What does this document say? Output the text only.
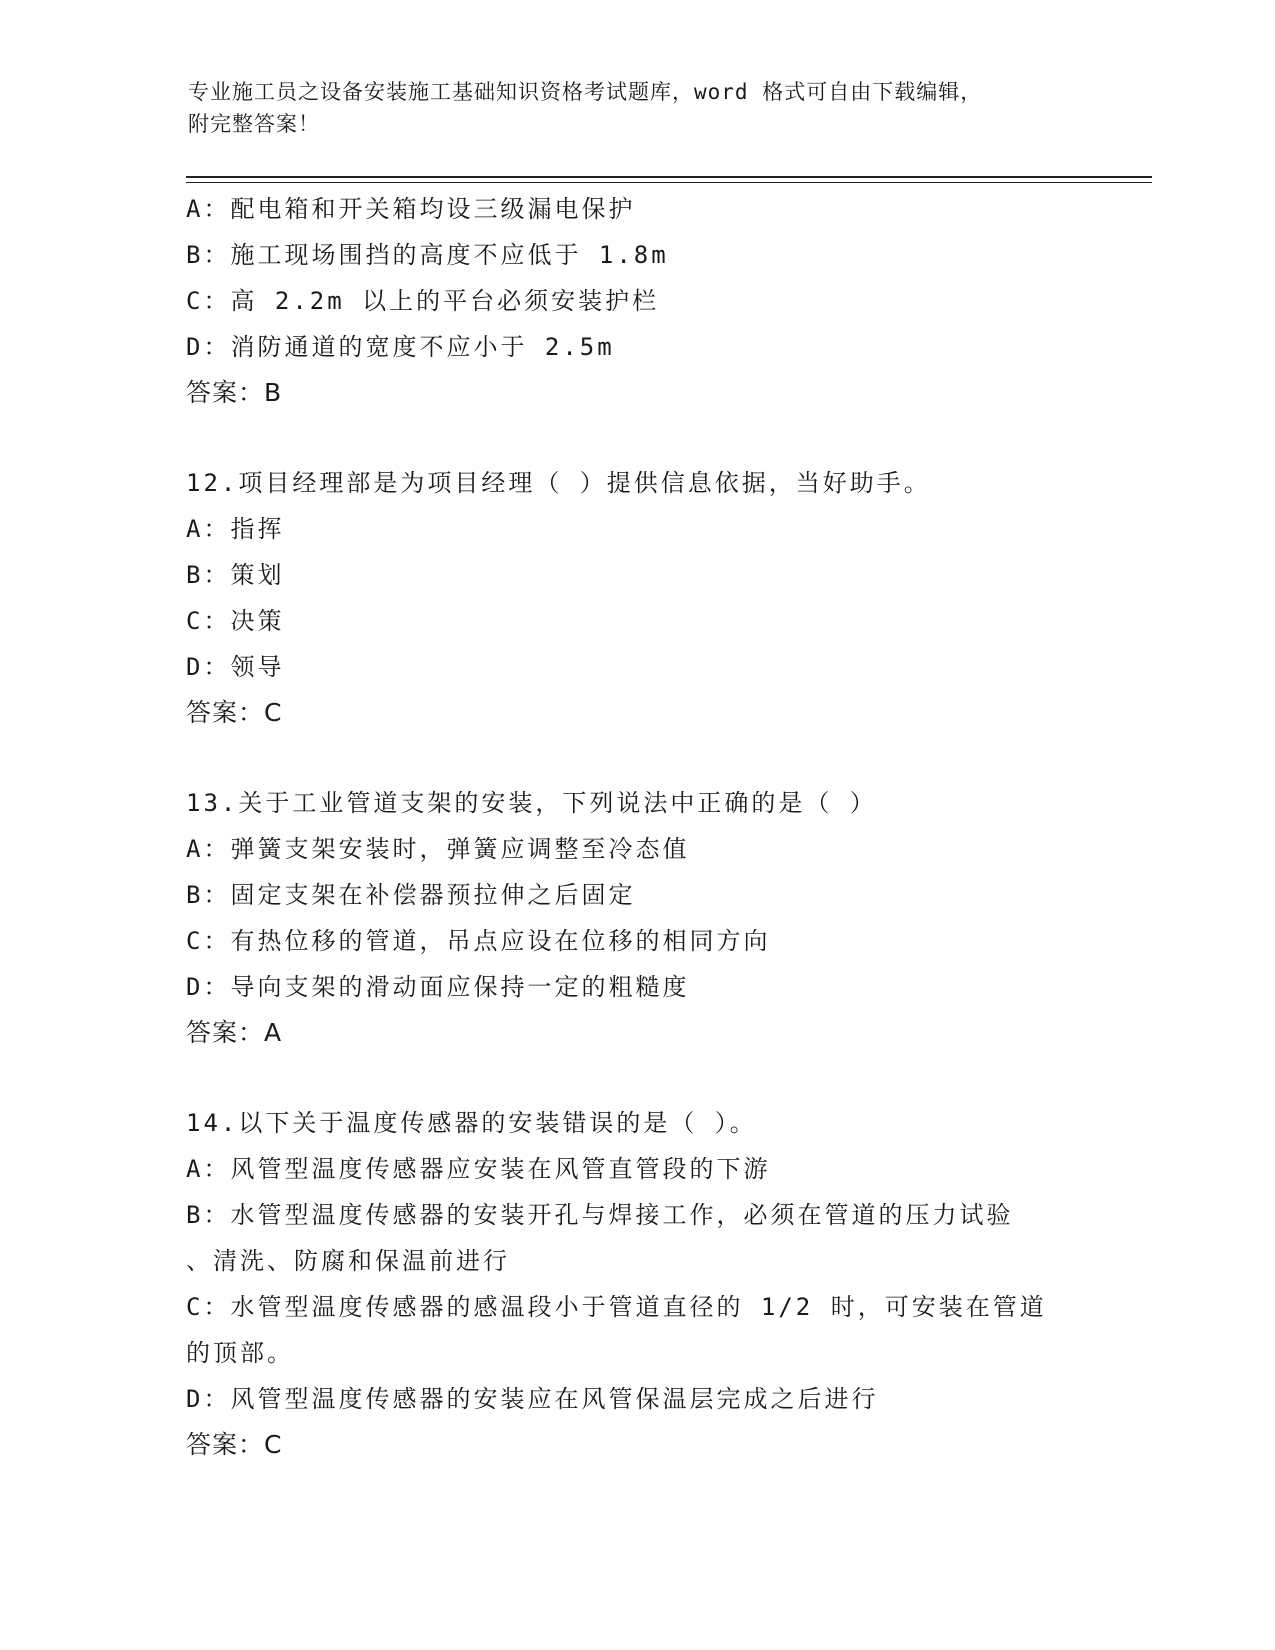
专业施工员之设备安装施工基础知识资格考试题库，word 格式可自由下载编辑，
附完整答案！
A：配电箱和开关箱均设三级漏电保护
B：施工现场围挡的高度不应低于 1.8m
C：高 2.2m 以上的平台必须安装护栏
D：消防通道的宽度不应小于 2.5m
答案：B
12.项目经理部是为项目经理（ ）提供信息依据，当好助手。
A：指挥
B：策划
C：决策
D：领导
答案：C
13.关于工业管道支架的安装，下列说法中正确的是（ ）
A：弹簧支架安装时，弹簧应调整至冷态值
B：固定支架在补偿器预拉伸之后固定
C：有热位移的管道，吊点应设在位移的相同方向
D：导向支架的滑动面应保持一定的粗糙度
答案：A
14.以下关于温度传感器的安装错误的是（ ）。
A：风管型温度传感器应安装在风管直管段的下游
B：水管型温度传感器的安装开孔与焊接工作，必须在管道的压力试验
、清洗、防腐和保温前进行
C：水管型温度传感器的感温段小于管道直径的 1/2 时，可安装在管道
的顶部。
D：风管型温度传感器的安装应在风管保温层完成之后进行
答案：C
